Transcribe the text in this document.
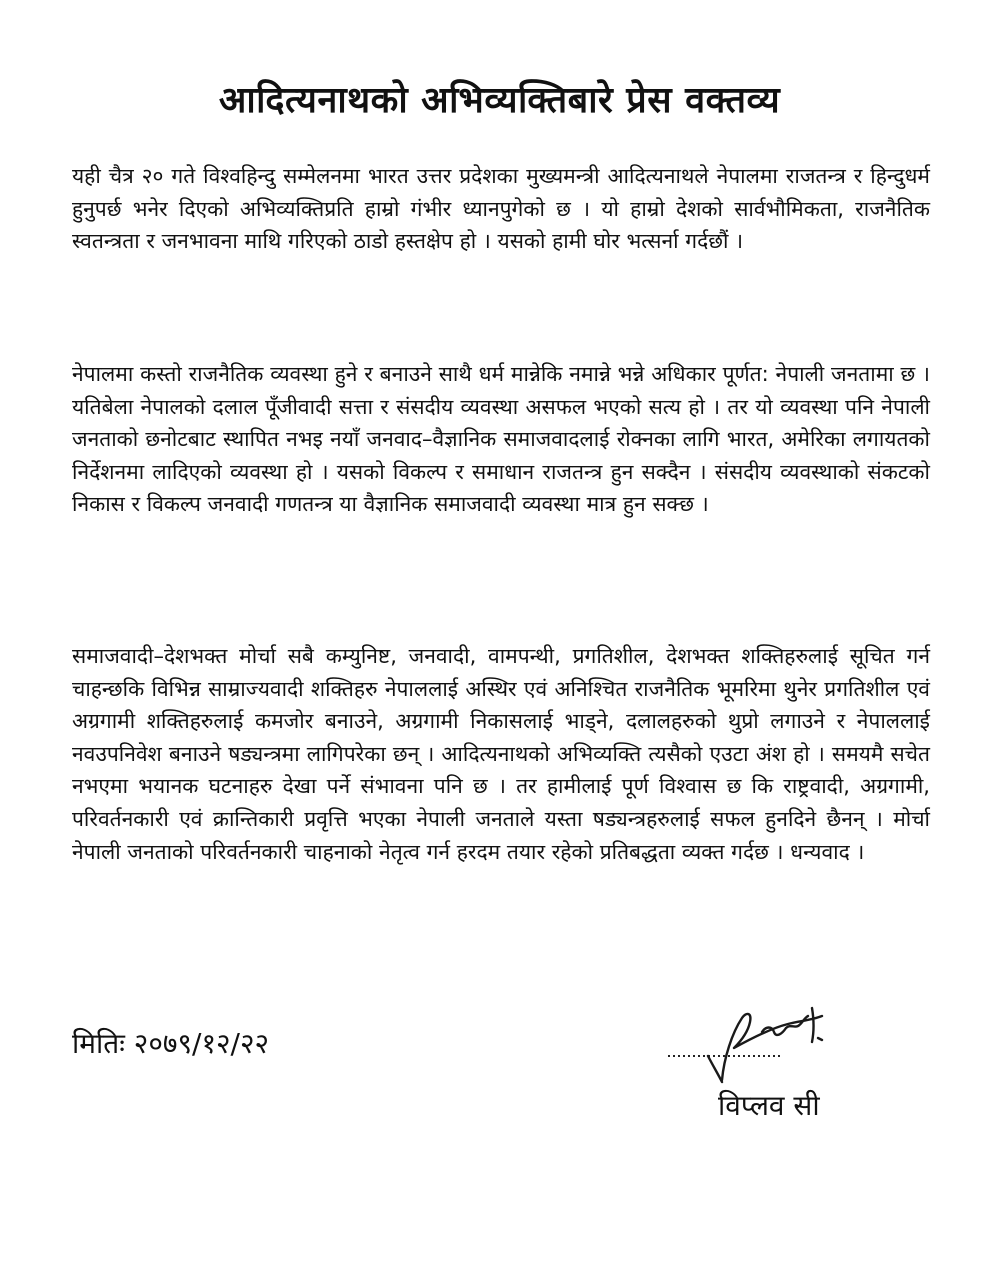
आदित्यनाथको अभिव्यक्तिबारे प्रेस वक्तव्य

यही चैत्र २० गते विश्वहिन्दु सम्मेलनमा भारत उत्तर प्रदेशका मुख्यमन्त्री आदित्यनाथले नेपालमा राजतन्त्र र हिन्दुधर्म हुनुपर्छ भनेर दिएको अभिव्यक्तिप्रति हाम्रो गंभीर ध्यानपुगेको छ । यो हाम्रो देशको सार्वभौमिकता, राजनैतिक स्वतन्त्रता र जनभावना माथि गरिएको ठाडो हस्तक्षेप हो । यसको हामी घोर भत्सर्ना गर्दछौं ।

नेपालमा कस्तो राजनैतिक व्यवस्था हुने र बनाउने साथै धर्म मान्नेकि नमान्ने भन्ने अधिकार पूर्णत: नेपाली जनतामा छ । यतिबेला नेपालको दलाल पूँजीवादी सत्ता र संसदीय व्यवस्था असफल भएको सत्य हो । तर यो व्यवस्था पनि नेपाली जनताको छनोटबाट स्थापित नभइ नयाँ जनवाद–वैज्ञानिक समाजवादलाई रोक्नका लागि भारत, अमेरिका लगायतको निर्देशनमा लादिएको व्यवस्था हो । यसको विकल्प र समाधान राजतन्त्र हुन सक्दैन । संसदीय व्यवस्थाको संकटको निकास र विकल्प जनवादी गणतन्त्र या वैज्ञानिक समाजवादी व्यवस्था मात्र हुन सक्छ ।

समाजवादी–देशभक्त मोर्चा सबै कम्युनिष्ट, जनवादी, वामपन्थी, प्रगतिशील, देशभक्त शक्तिहरुलाई सूचित गर्न चाहन्छकि विभिन्न साम्राज्यवादी शक्तिहरु नेपाललाई अस्थिर एवं अनिश्चित राजनैतिक भूमरिमा थुनेर प्रगतिशील एवं अग्रगामी शक्तिहरुलाई कमजोर बनाउने, अग्रगामी निकासलाई भाड्ने, दलालहरुको थुप्रो लगाउने र नेपाललाई नवउपनिवेश बनाउने षड्यन्त्रमा लागिपरेका छन् । आदित्यनाथको अभिव्यक्ति त्यसैको एउटा अंश हो । समयमै सचेत नभएमा भयानक घटनाहरु देखा पर्ने संभावना पनि छ । तर हामीलाई पूर्ण विश्वास छ कि राष्ट्रवादी, अग्रगामी, परिवर्तनकारी एवं क्रान्तिकारी प्रवृत्ति भएका नेपाली जनताले यस्ता षड्यन्त्रहरुलाई सफल हुनदिने छैनन् । मोर्चा नेपाली जनताको परिवर्तनकारी चाहनाको नेतृत्व गर्न हरदम तयार रहेको प्रतिबद्धता व्यक्त गर्दछ । धन्यवाद ।

मितिः २०७९/१२/२२

विप्लव सी
